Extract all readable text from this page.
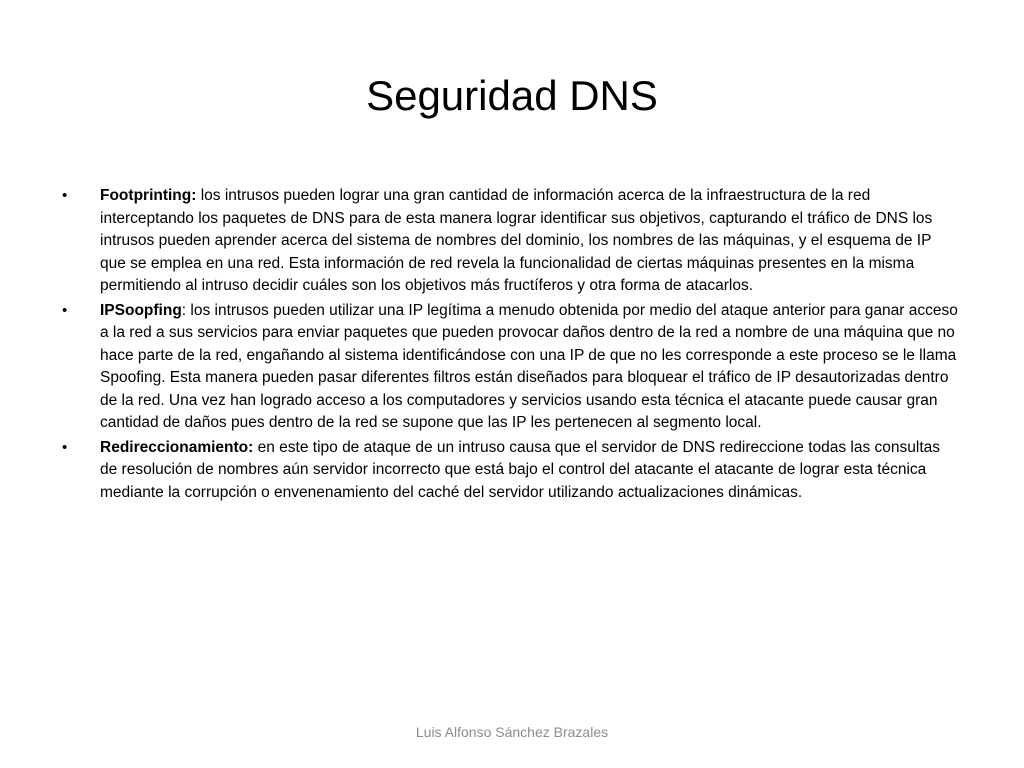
Seguridad DNS
• Footprinting: los intrusos pueden lograr una gran cantidad de información acerca de la infraestructura de la red interceptando los paquetes de DNS para de esta manera lograr identificar sus objetivos, capturando el tráfico de DNS los intrusos pueden aprender acerca del sistema de nombres del dominio, los nombres de las máquinas, y el esquema de IP que se emplea en una red. Esta información de red revela la funcionalidad de ciertas máquinas presentes en la misma permitiendo al intruso decidir cuáles son los objetivos más fructíferos y otra forma de atacarlos.
• IPSoopfing: los intrusos pueden utilizar una IP legítima a menudo obtenida por medio del ataque anterior para ganar acceso a la red a sus servicios para enviar paquetes que pueden provocar daños dentro de la red a nombre de una máquina que no hace parte de la red, engañando al sistema identificándose con una IP de que no les corresponde a este proceso se le llama Spoofing. Esta manera pueden pasar diferentes filtros están diseñados para bloquear el tráfico de IP desautorizadas dentro de la red. Una vez han logrado acceso a los computadores y servicios usando esta técnica el atacante puede causar gran cantidad de daños pues dentro de la red se supone que las IP les pertenecen al segmento local.
• Redireccionamiento: en este tipo de ataque de un intruso causa que el servidor de DNS redireccione todas las consultas de resolución de nombres aún servidor incorrecto que está bajo el control del atacante el atacante de lograr esta técnica mediante la corrupción o envenenamiento del caché del servidor utilizando actualizaciones dinámicas.
Luis Alfonso Sánchez Brazales
